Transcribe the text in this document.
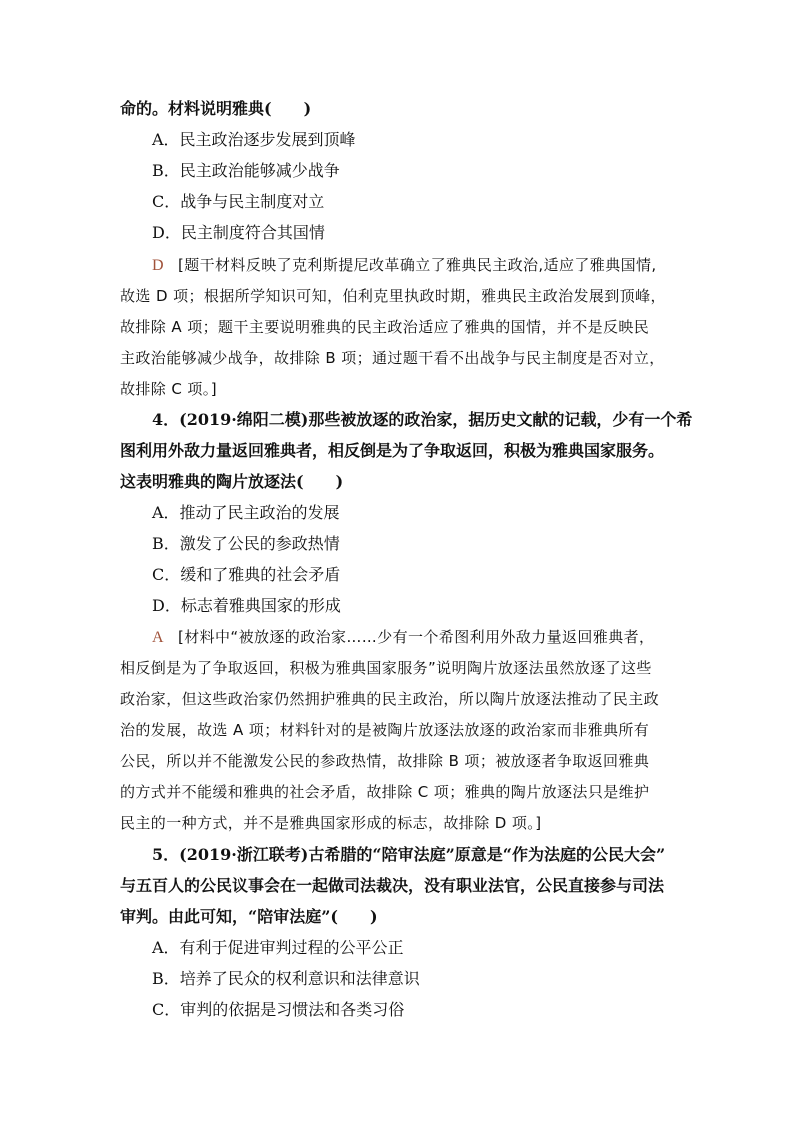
命的。材料说明雅典(　　)
A．民主政治逐步发展到顶峰
B．民主政治能够减少战争
C．战争与民主制度对立
D．民主制度符合其国情
D [题干材料反映了克利斯提尼改革确立了雅典民主政治,适应了雅典国情,
故选 D 项；根据所学知识可知，伯利克里执政时期，雅典民主政治发展到顶峰，
故排除 A 项；题干主要说明雅典的民主政治适应了雅典的国情，并不是反映民
主政治能够减少战争，故排除 B 项；通过题干看不出战争与民主制度是否对立，
故排除 C 项。]
4．(2019·绵阳二模)那些被放逐的政治家，据历史文献的记载，少有一个希
图利用外敌力量返回雅典者，相反倒是为了争取返回，积极为雅典国家服务。
这表明雅典的陶片放逐法(　　)
A．推动了民主政治的发展
B．激发了公民的参政热情
C．缓和了雅典的社会矛盾
D．标志着雅典国家的形成
A [材料中“被放逐的政治家……少有一个希图利用外敌力量返回雅典者，
相反倒是为了争取返回，积极为雅典国家服务”说明陶片放逐法虽然放逐了这些
政治家，但这些政治家仍然拥护雅典的民主政治，所以陶片放逐法推动了民主政
治的发展，故选 A 项；材料针对的是被陶片放逐法放逐的政治家而非雅典所有
公民，所以并不能激发公民的参政热情，故排除 B 项；被放逐者争取返回雅典
的方式并不能缓和雅典的社会矛盾，故排除 C 项；雅典的陶片放逐法只是维护
民主的一种方式，并不是雅典国家形成的标志，故排除 D 项。]
5．(2019·浙江联考)古希腊的“陪审法庭”原意是“作为法庭的公民大会”
与五百人的公民议事会在一起做司法裁决，没有职业法官，公民直接参与司法
审判。由此可知，“陪审法庭”(　　)
A．有利于促进审判过程的公平公正
B．培养了民众的权利意识和法律意识
C．审判的依据是习惯法和各类习俗
